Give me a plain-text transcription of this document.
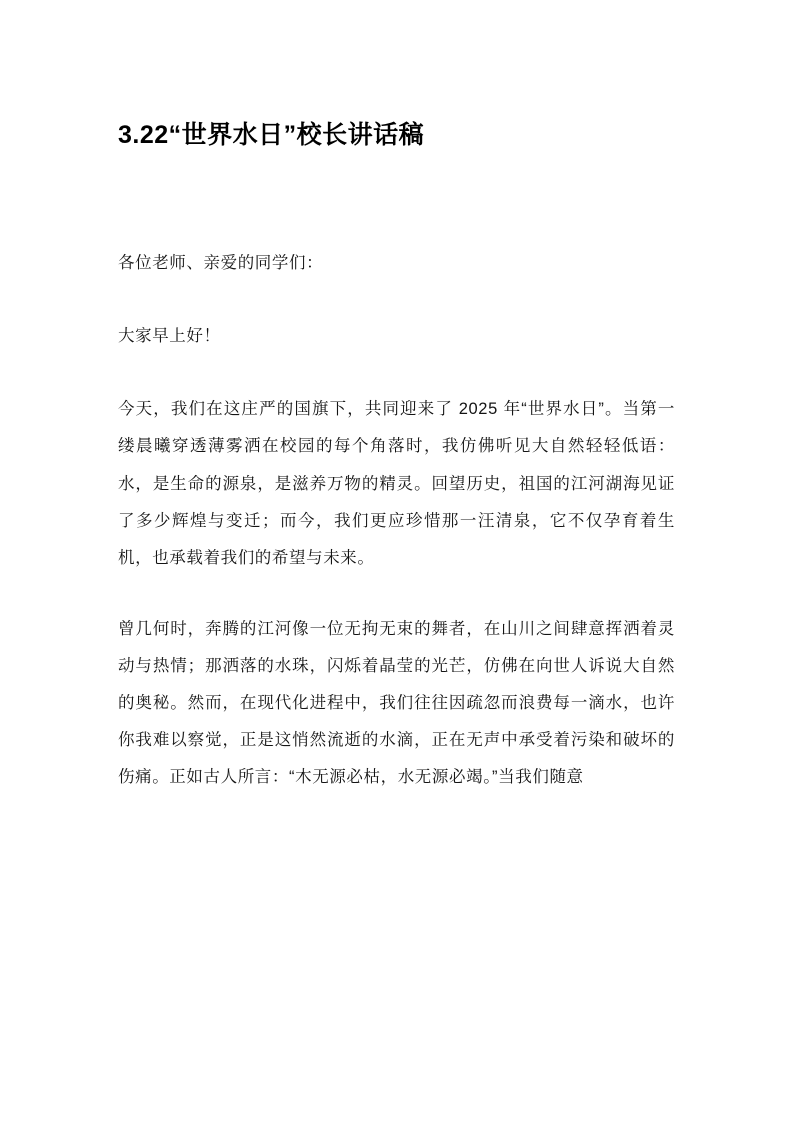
3.22“世界水日”校长讲话稿

各位老师、亲爱的同学们：

大家早上好！

今天，我们在这庄严的国旗下，共同迎来了 2025 年“世界水日”。当第一缕晨曦穿透薄雾洒在校园的每个角落时，我仿佛听见大自然轻轻低语：水，是生命的源泉，是滋养万物的精灵。回望历史，祖国的江河湖海见证了多少辉煌与变迁；而今，我们更应珍惜那一汪清泉，它不仅孕育着生机，也承载着我们的希望与未来。

曾几何时，奔腾的江河像一位无拘无束的舞者，在山川之间肆意挥洒着灵动与热情；那洒落的水珠，闪烁着晶莹的光芒，仿佛在向世人诉说大自然的奥秘。然而，在现代化进程中，我们往往因疏忽而浪费每一滴水，也许你我难以察觉，正是这悄然流逝的水滴，正在无声中承受着污染和破坏的伤痛。正如古人所言：“木无源必枯，水无源必竭。”当我们随意
